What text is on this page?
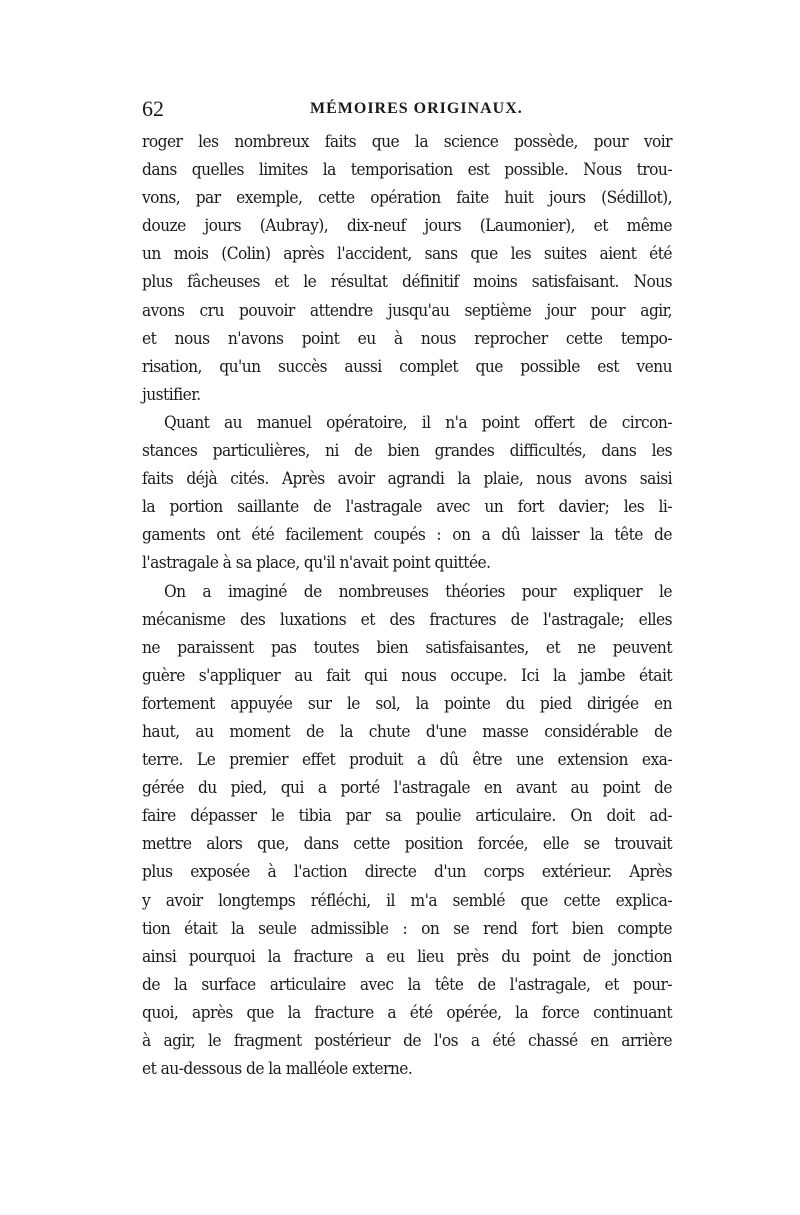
62	MÉMOIRES ORIGINAUX.
roger les nombreux faits que la science possède, pour voir
dans quelles limites la temporisation est possible. Nous trou-
vons, par exemple, cette opération faite huit jours (Sédillot),
douze jours (Aubray), dix-neuf jours (Laumonier), et même
un mois (Colin) après l'accident, sans que les suites aient été
plus fâcheuses et le résultat définitif moins satisfaisant. Nous
avons cru pouvoir attendre jusqu'au septième jour pour agir,
et nous n'avons point eu à nous reprocher cette tempo-
risation, qu'un succès aussi complet que possible est venu
justifier.
Quant au manuel opératoire, il n'a point offert de circon-
stances particulières, ni de bien grandes difficultés, dans les
faits déjà cités. Après avoir agrandi la plaie, nous avons saisi
la portion saillante de l'astragale avec un fort davier; les li-
gaments ont été facilement coupés : on a dû laisser la tête de
l'astragale à sa place, qu'il n'avait point quittée.
On a imaginé de nombreuses théories pour expliquer le
mécanisme des luxations et des fractures de l'astragale; elles
ne paraissent pas toutes bien satisfaisantes, et ne peuvent
guère s'appliquer au fait qui nous occupe. Ici la jambe était
fortement appuyée sur le sol, la pointe du pied dirigée en
haut, au moment de la chute d'une masse considérable de
terre. Le premier effet produit a dû être une extension exa-
gérée du pied, qui a porté l'astragale en avant au point de
faire dépasser le tibia par sa poulie articulaire. On doit ad-
mettre alors que, dans cette position forcée, elle se trouvait
plus exposée à l'action directe d'un corps extérieur. Après
y avoir longtemps réfléchi, il m'a semblé que cette explica-
tion était la seule admissible : on se rend fort bien compte
ainsi pourquoi la fracture a eu lieu près du point de jonction
de la surface articulaire avec la tête de l'astragale, et pour-
quoi, après que la fracture a été opérée, la force continuant
à agir, le fragment postérieur de l'os a été chassé en arrière
et au-dessous de la malléole externe.
